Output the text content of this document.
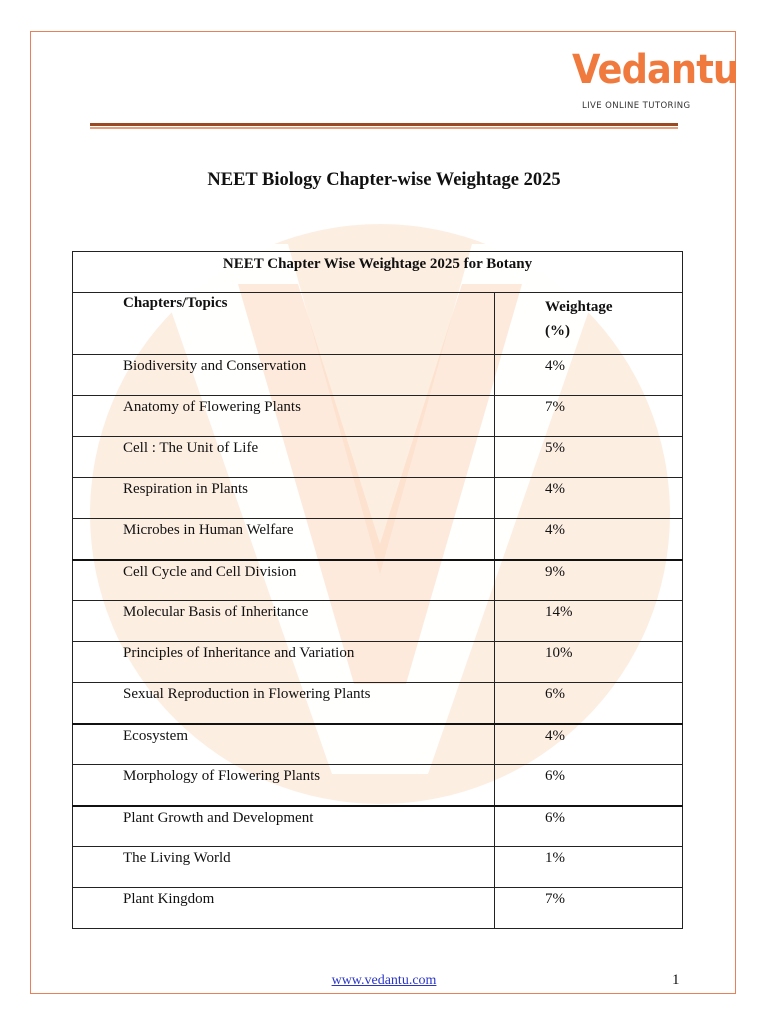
Vedantu
LIVE ONLINE TUTORING
NEET Biology Chapter-wise Weightage 2025
NEET Chapter Wise Weightage 2025 for Botany	
Chapters/Topics	Weightage
(%)

Biodiversity and Conservation	4%
Anatomy of Flowering Plants	7%
Cell : The Unit of Life	5%
Respiration in Plants	4%
Microbes in Human Welfare	4%
Cell Cycle and Cell Division	9%
Molecular Basis of Inheritance	14%
Principles of Inheritance and Variation	10%
Sexual Reproduction in Flowering Plants	6%
Ecosystem	4%
Morphology of Flowering Plants	6%
Plant Growth and Development	6%
The Living World	1%
Plant Kingdom	7%
www.vedantu.com	1
